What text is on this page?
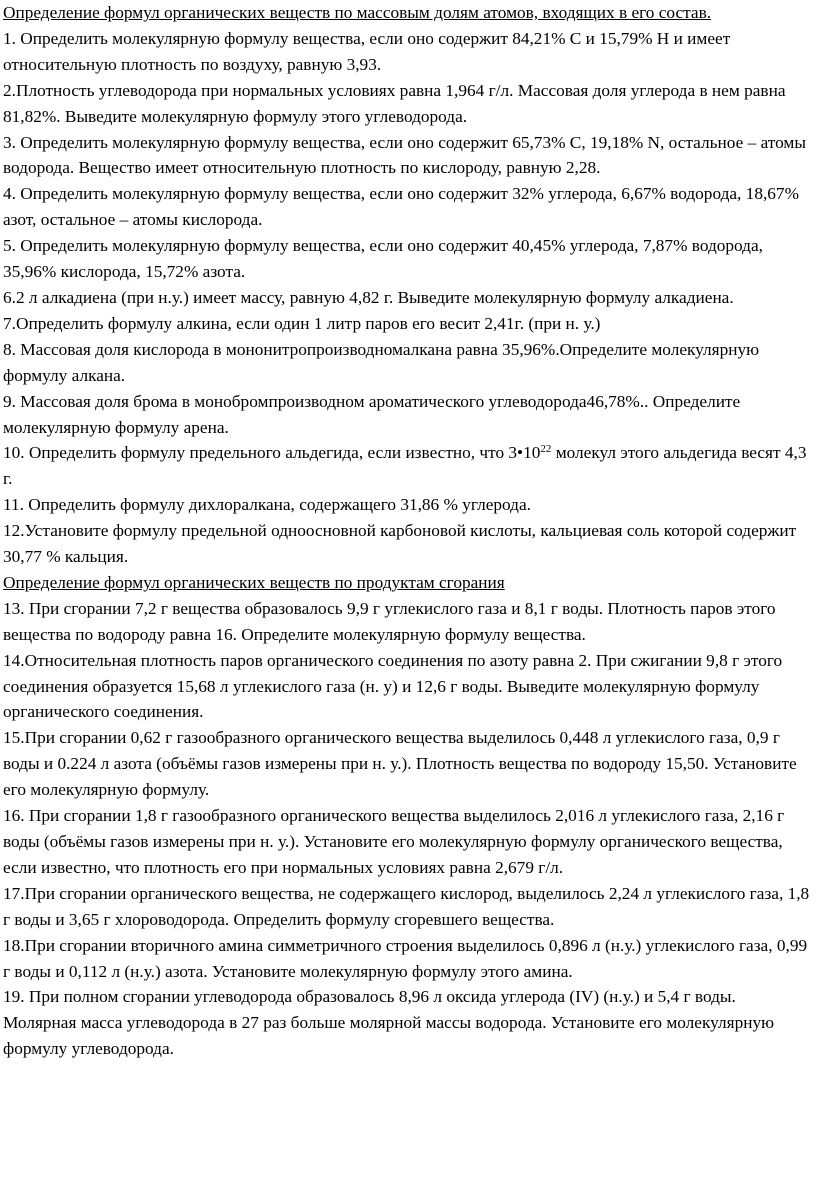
Определение формул органических веществ по массовым долям атомов, входящих в его состав.
1. Определить молекулярную формулу вещества, если оно содержит 84,21% С и 15,79% Н и имеет относительную плотность по воздуху, равную 3,93.
2.Плотность углеводорода при нормальных условиях равна 1,964 г/л. Массовая доля углерода в нем равна 81,82%. Выведите молекулярную формулу этого углеводорода.
3. Определить молекулярную формулу вещества, если оно содержит 65,73% С, 19,18% N, остальное – атомы водорода. Вещество имеет относительную плотность по кислороду, равную 2,28.
4. Определить молекулярную формулу вещества, если оно содержит 32% углерода, 6,67% водорода, 18,67% азот, остальное – атомы кислорода.
5. Определить молекулярную формулу вещества, если оно содержит 40,45% углерода, 7,87% водорода, 35,96% кислорода, 15,72% азота.
6.2 л алкадиена (при н.у.) имеет массу, равную 4,82 г. Выведите молекулярную формулу алкадиена.
7.Определить формулу алкина, если один 1 литр паров его весит 2,41г. (при н. у.)
8. Массовая доля кислорода в мононитропроизводномалкана равна 35,96%.Определите молекулярную формулу алкана.
9. Массовая доля брома в монобромпроизводном ароматического углеводорода46,78%.. Определите молекулярную формулу арена.
10. Определить формулу предельного альдегида, если известно, что $3•10^{22}$ молекул этого альдегида весят 4,3 г.
11. Определить формулу дихлоралкана, содержащего 31,86 % углерода.
12.Установите формулу предельной одноосновной карбоновой кислоты, кальциевая соль которой содержит 30,77 % кальция.
Определение формул органических веществ по продуктам сгорания
13. При сгорании 7,2 г вещества образовалось 9,9 г углекислого газа и 8,1 г воды. Плотность паров этого вещества по водороду равна 16. Определите молекулярную формулу вещества.
14.Относительная плотность паров органического соединения по азоту равна 2. При сжигании 9,8 г этого соединения образуется 15,68 л углекислого газа (н. у) и 12,6 г воды. Выведите молекулярную формулу органического соединения.
15.При сгорании 0,62 г газообразного органического вещества выделилось 0,448 л углекислого газа, 0,9 г воды и 0.224 л азота (объёмы газов измерены при н. у.). Плотность вещества по водороду 15,50. Установите его молекулярную формулу.
16. При сгорании 1,8 г газообразного органического вещества выделилось 2,016 л углекислого газа, 2,16 г воды (объёмы газов измерены при н. у.). Установите его молекулярную формулу органического вещества, если известно, что плотность его при нормальных условиях равна 2,679 г/л.
17.При сгорании органического вещества, не содержащего кислород, выделилось 2,24 л углекислого газа, 1,8 г воды и 3,65 г хлороводорода. Определить формулу сгоревшего вещества.
18.При сгорании вторичного амина симметричного строения выделилось 0,896 л (н.у.) углекислого газа, 0,99 г воды и 0,112 л (н.у.) азота. Установите молекулярную формулу этого амина.
19. При полном сгорании углеводорода образовалось 8,96 л оксида углерода (IV) (н.у.) и 5,4 г воды. Молярная масса углеводорода в 27 раз больше молярной массы водорода. Установите его молекулярную формулу углеводорода.
